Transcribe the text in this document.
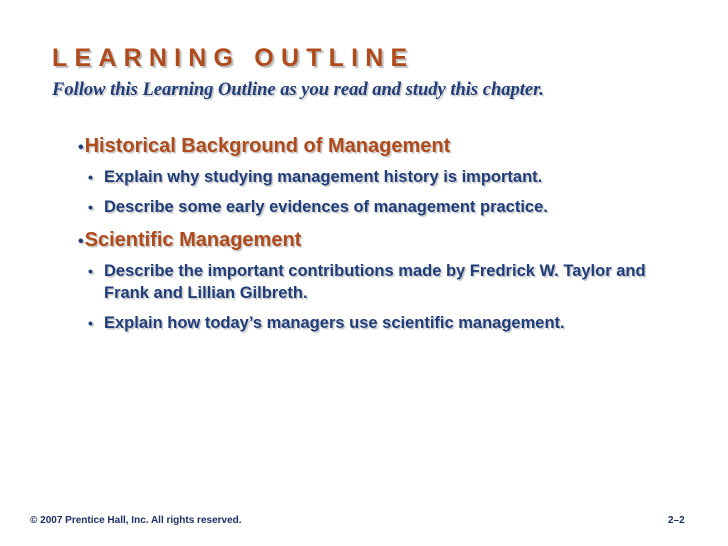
LEARNING OUTLINE
Follow this Learning Outline as you read and study this chapter.
•Historical Background of Management
• Explain why studying management history is important.
• Describe some early evidences of management practice.
•Scientific Management
• Describe the important contributions made by Fredrick W. Taylor and Frank and Lillian Gilbreth.
• Explain how today’s managers use scientific management.
© 2007 Prentice Hall, Inc. All rights reserved.	2–2
